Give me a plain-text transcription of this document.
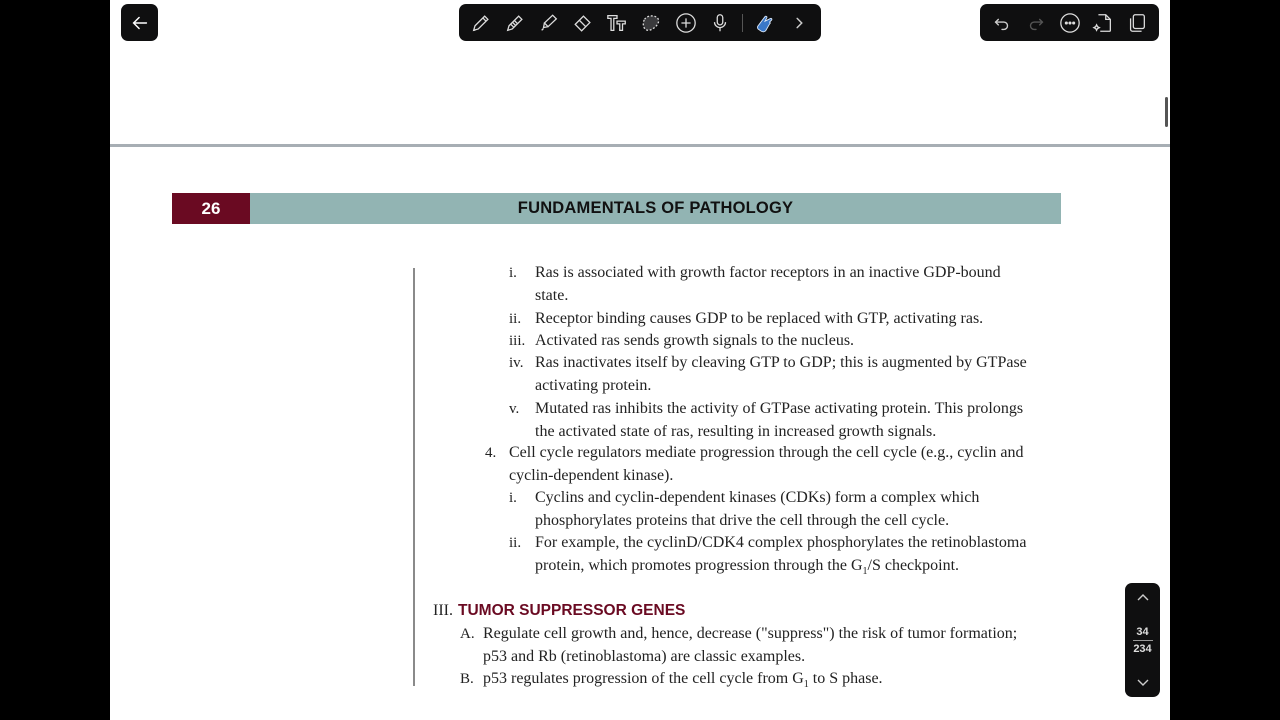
26	FUNDAMENTALS OF PATHOLOGY
i. Ras is associated with growth factor receptors in an inactive GDP-bound
state.
ii. Receptor binding causes GDP to be replaced with GTP, activating ras.
iii. Activated ras sends growth signals to the nucleus.
iv. Ras inactivates itself by cleaving GTP to GDP; this is augmented by GTPase
activating protein.
v. Mutated ras inhibits the activity of GTPase activating protein. This prolongs
the activated state of ras, resulting in increased growth signals.
4. Cell cycle regulators mediate progression through the cell cycle (e.g., cyclin and
cyclin-dependent kinase).
i. Cyclins and cyclin-dependent kinases (CDKs) form a complex which
phosphorylates proteins that drive the cell through the cell cycle.
ii. For example, the cyclinD/CDK4 complex phosphorylates the retinoblastoma
protein, which promotes progression through the $G_1/S$ checkpoint.
III. TUMOR SUPPRESSOR GENES
A. Regulate cell growth and, hence, decrease ("suppress") the risk of tumor formation;
p53 and Rb (retinoblastoma) are classic examples.
B. p53 regulates progression of the cell cycle from $G_1$ to S phase.
34
234
